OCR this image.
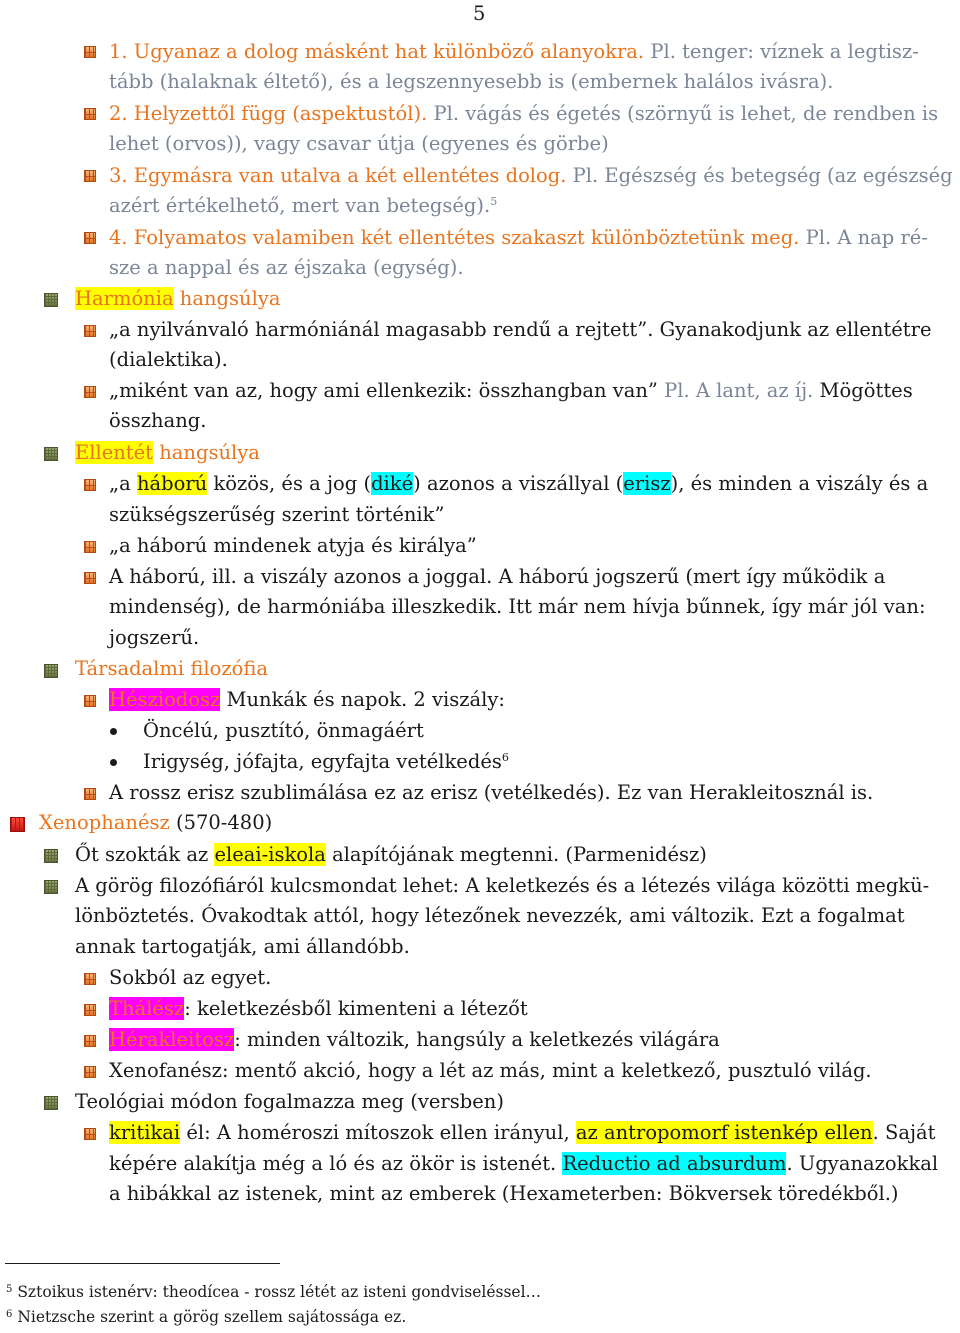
5
1. Ugyanaz a dolog másként hat különböző alanyokra. Pl. tenger: víznek a legtisz-
tább (halaknak éltető), és a legszennyesebb is (embernek halálos ivásra).
2. Helyzettől függ (aspektustól). Pl. vágás és égetés (szörnyű is lehet, de rendben is
lehet (orvos)), vagy csavar útja (egyenes és görbe)
3. Egymásra van utalva a két ellentétes dolog. Pl. Egészség és betegség (az egészség
azért értékelhető, mert van betegség).$^5$
4. Folyamatos valamiben két ellentétes szakaszt különböztetünk meg. Pl. A nap ré-
sze a nappal és az éjszaka (egység).
Harmónia hangsúlya
„a nyilvánvaló harmóniánál magasabb rendű a rejtett”. Gyanakodjunk az ellentétre
(dialektika).
„miként van az, hogy ami ellenkezik: összhangban van” Pl. A lant, az íj. Mögöttes
összhang.
Ellentét hangsúlya
„a háború közös, és a jog (diké) azonos a viszállyal (erisz), és minden a viszály és a
szükségszerűség szerint történik”
„a háború mindenek atyja és királya”
A háború, ill. a viszály azonos a joggal. A háború jogszerű (mert így működik a
mindenség), de harmóniába illeszkedik. Itt már nem hívja bűnnek, így már jól van:
jogszerű.
Társadalmi filozófia
Hésziodosz Munkák és napok. 2 viszály:
Öncélú, pusztító, önmagáért
Irigység, jófajta, egyfajta vetélkedés$^6$
A rossz erisz szublimálása ez az erisz (vetélkedés). Ez van Herakleitosznál is.
Xenophanész (570-480)
Őt szokták az eleai-iskola alapítójának megtenni. (Parmenidész)
A görög filozófiáról kulcsmondat lehet: A keletkezés és a létezés világa közötti megkü-
lönböztetés. Óvakodtak attól, hogy létezőnek nevezzék, ami változik. Ezt a fogalmat
annak tartogatják, ami állandóbb.
Sokból az egyet.
Thálész: keletkezésből kimenteni a létezőt
Hérakleitosz: minden változik, hangsúly a keletkezés világára
Xenofanész: mentő akció, hogy a lét az más, mint a keletkező, pusztuló világ.
Teológiai módon fogalmazza meg (versben)
kritikai él: A homéroszi mítoszok ellen irányul, az antropomorf istenkép ellen. Saját
képére alakítja még a ló és az ökör is istenét. Reductio ad absurdum. Ugyanazokkal
a hibákkal az istenek, mint az emberek (Hexameterben: Bökversek töredékből.)
$^5$ Sztoikus istenérv: theodícea - rossz létét az isteni gondviseléssel…
$^6$ Nietzsche szerint a görög szellem sajátossága ez.
